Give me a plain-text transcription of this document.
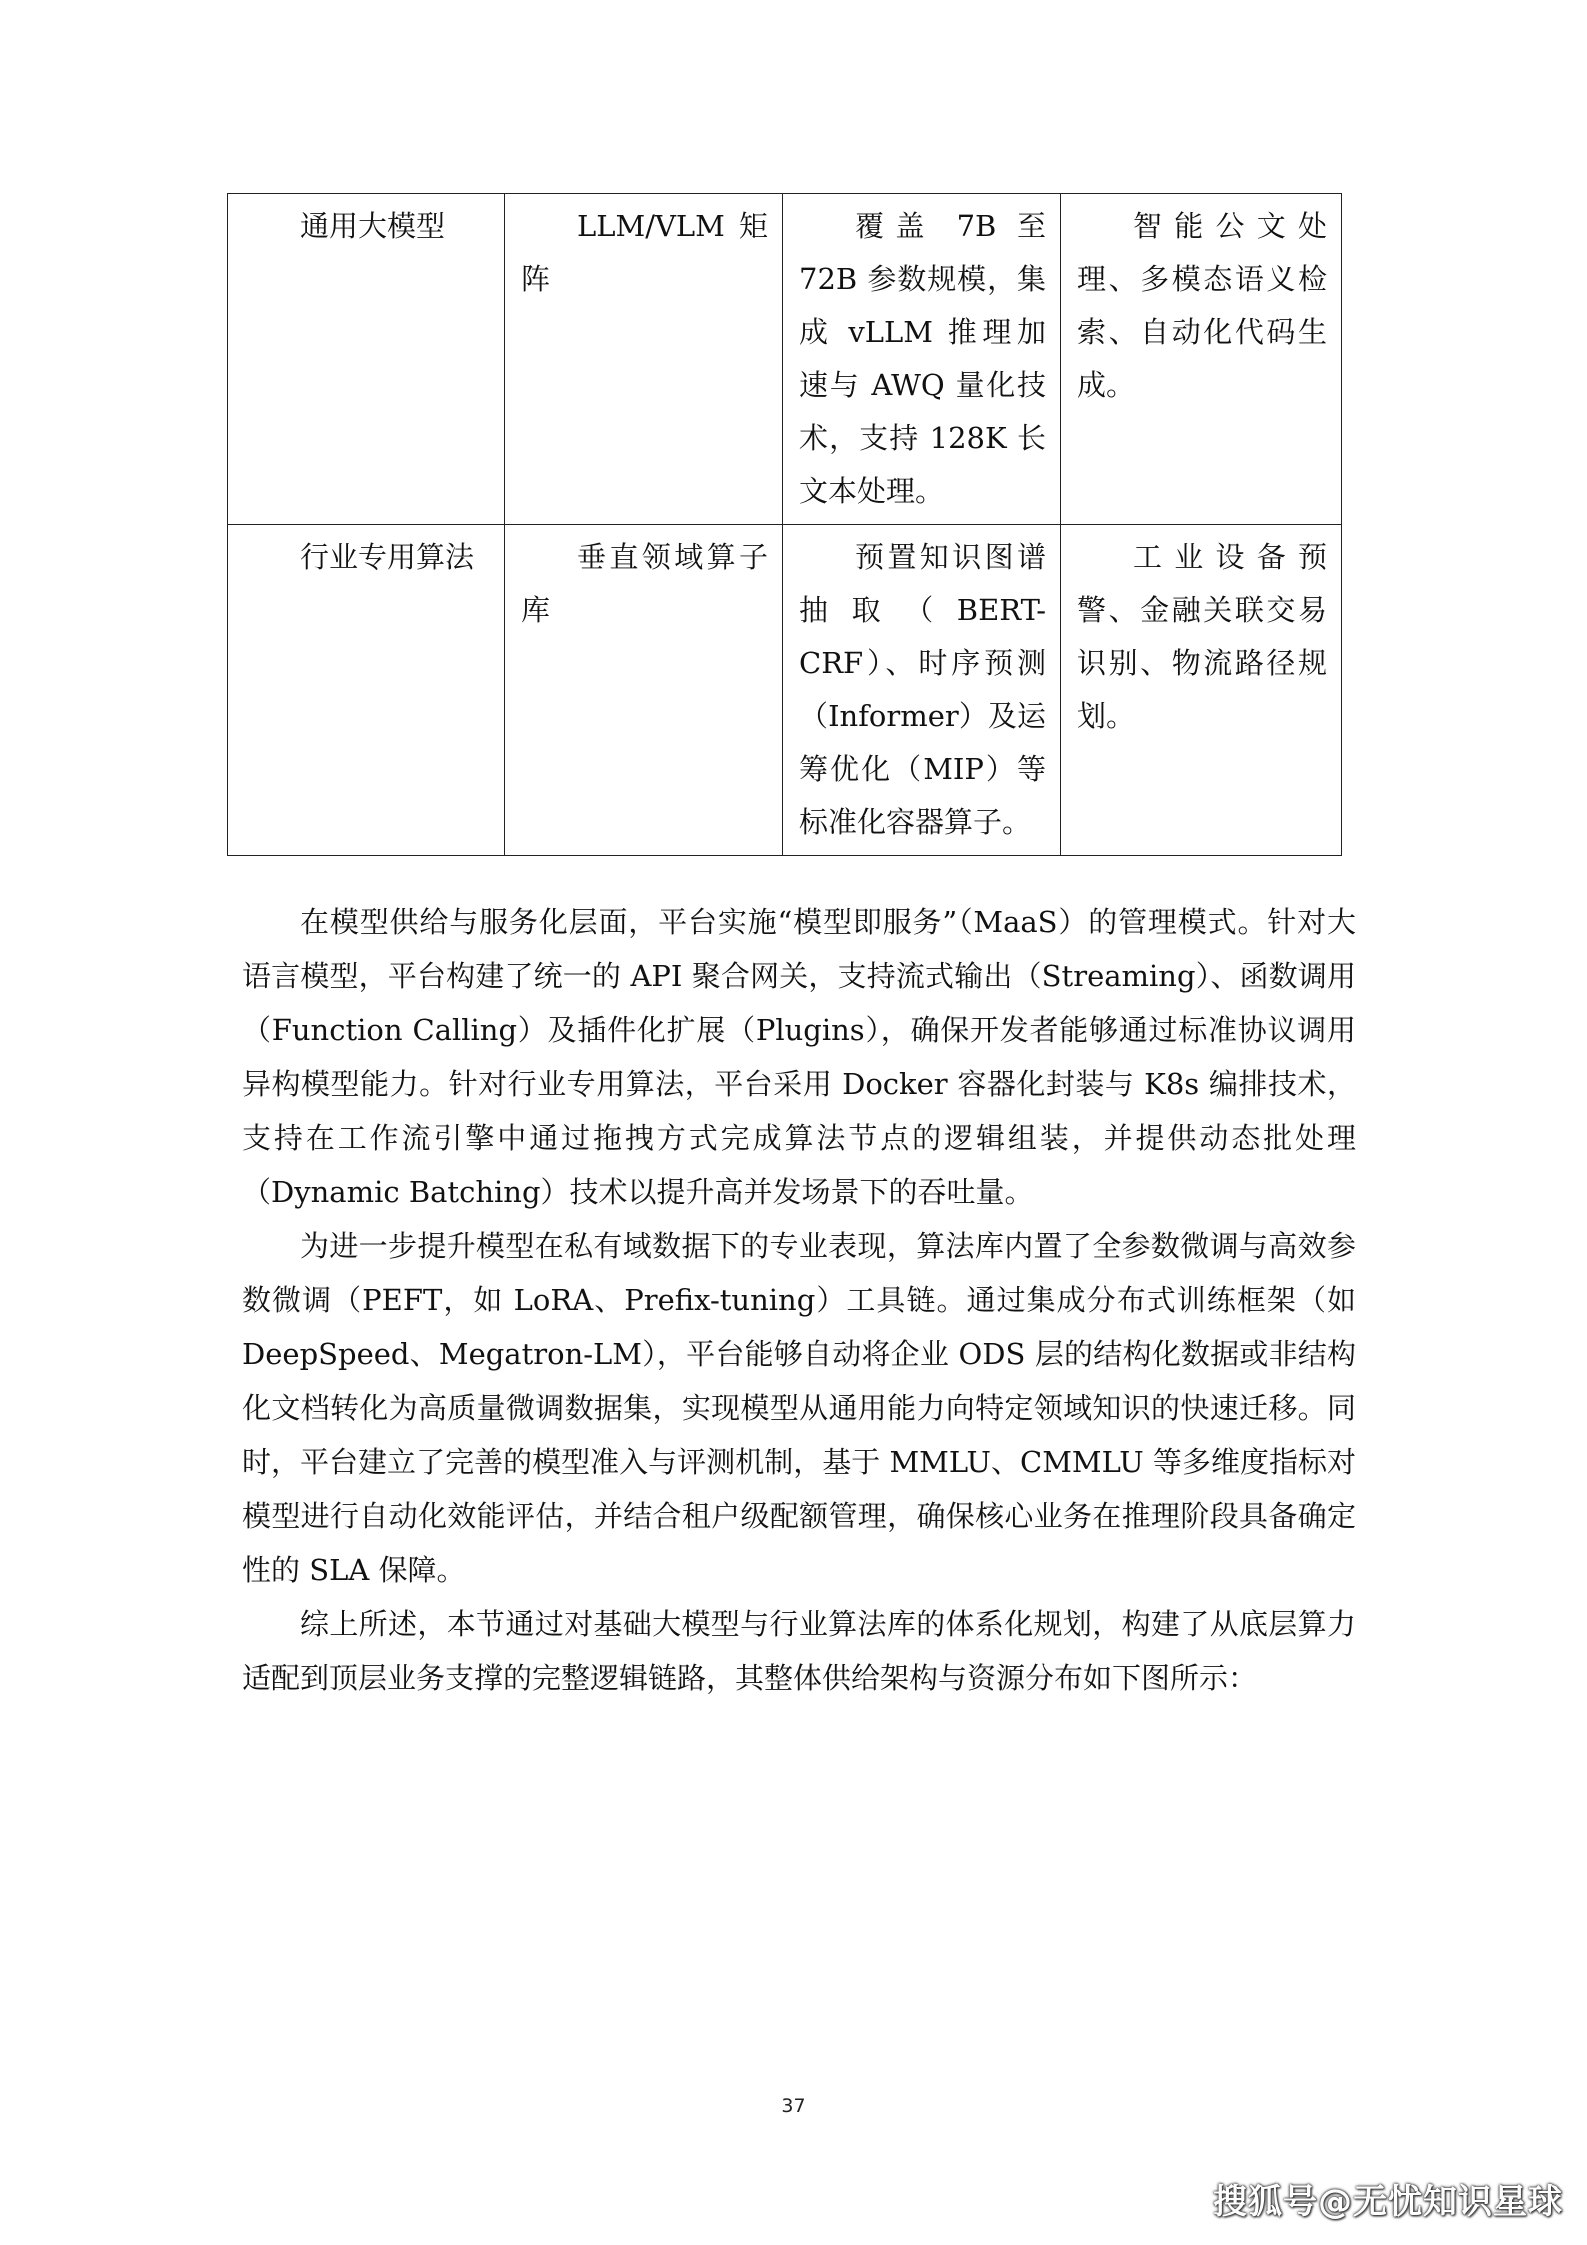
通用大模型	LLM/VLM 矩阵	覆盖 7B 至 72B 参数规模，集成 vLLM 推理加速与 AWQ 量化技术，支持 128K 长文本处理。	智能公文处理、多模态语义检索、自动化代码生成。
行业专用算法	垂直领域算子库	预置知识图谱抽取（BERT-CRF）、时序预测（Informer）及运筹优化（MIP）等标准化容器算子。	工业设备预警、金融关联交易识别、物流路径规划。

在模型供给与服务化层面，平台实施“模型即服务”（MaaS）的管理模式。针对大语言模型，平台构建了统一的 API 聚合网关，支持流式输出（Streaming）、函数调用（Function Calling）及插件化扩展（Plugins），确保开发者能够通过标准协议调用异构模型能力。针对行业专用算法，平台采用 Docker 容器化封装与 K8s 编排技术，支持在工作流引擎中通过拖拽方式完成算法节点的逻辑组装，并提供动态批处理（Dynamic Batching）技术以提升高并发场景下的吞吐量。

为进一步提升模型在私有域数据下的专业表现，算法库内置了全参数微调与高效参数微调（PEFT，如 LoRA、Prefix-tuning）工具链。通过集成分布式训练框架（如 DeepSpeed、Megatron-LM），平台能够自动将企业 ODS 层的结构化数据或非结构化文档转化为高质量微调数据集，实现模型从通用能力向特定领域知识的快速迁移。同时，平台建立了完善的模型准入与评测机制，基于 MMLU、CMMLU 等多维度指标对模型进行自动化效能评估，并结合租户级配额管理，确保核心业务在推理阶段具备确定性的 SLA 保障。

综上所述，本节通过对基础大模型与行业算法库的体系化规划，构建了从底层算力适配到顶层业务支撑的完整逻辑链路，其整体供给架构与资源分布如下图所示：

37
搜狐号@无忧知识星球
